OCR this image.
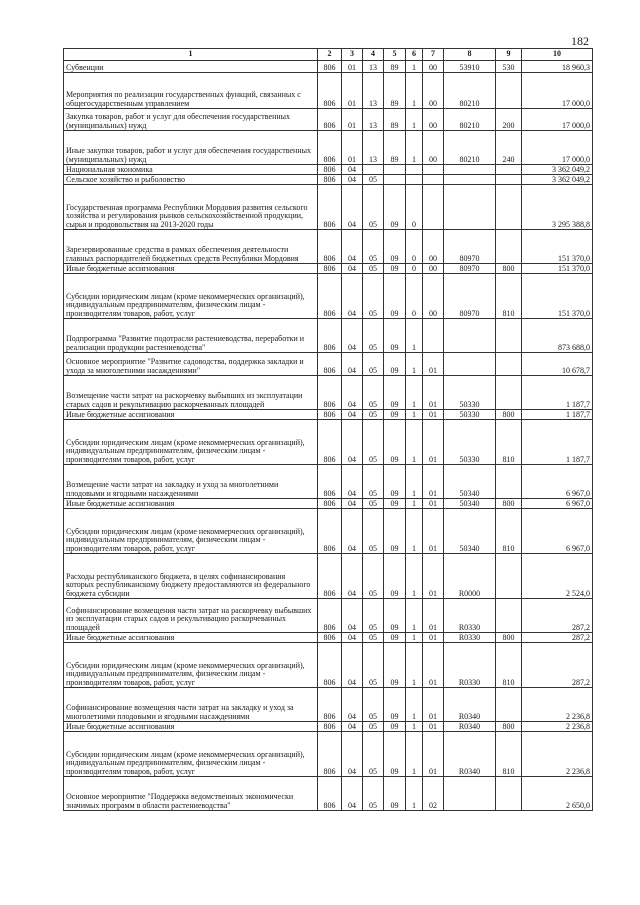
182
1	2	3	4	5	6	7	8	9	10
Субвенции	806	01	13	89	1	00	53910	530	18 960,3
Мероприятия по реализации государственных функций, связанных с общегосударственным управлением	806	01	13	89	1	00	80210		17 000,0
Закупка товаров, работ и услуг для обеспечения государственных (муниципальных) нужд	806	01	13	89	1	00	80210	200	17 000,0
Иные закупки товаров, работ и услуг для обеспечения государственных (муниципальных) нужд	806	01	13	89	1	00	80210	240	17 000,0
Национальная экономика	806	04							3 362 049,2
Сельское хозяйство и рыболовство	806	04	05						3 362 049,2
Государственная программа Республики Мордовия развития сельского хозяйства и регулирования рынков сельскохозяйственной продукции, сырья и продовольствия на 2013-2020 годы	806	04	05	09	0				3 295 388,8
Зарезервированные средства в рамках обеспечения деятельности главных распорядителей бюджетных средств Республики Мордовия	806	04	05	09	0	00	80970		151 370,0
Иные бюджетные ассигнования	806	04	05	09	0	00	80970	800	151 370,0
Субсидии юридическим лицам (кроме некоммерческих организаций), индивидуальным предпринимателям, физическим лицам - производителям товаров, работ, услуг	806	04	05	09	0	00	80970	810	151 370,0
Подпрограмма "Развитие подотрасли растениеводства, переработки и реализации продукции растениеводства"	806	04	05	09	1				873 688,0
Основное мероприятие "Развитие садоводства, поддержка закладки и ухода за многолетними насаждениями"	806	04	05	09	1	01			10 678,7
Возмещение части затрат на раскорчевку выбывших из эксплуатации старых садов и рекультивацию раскорчеванных площадей	806	04	05	09	1	01	50330		1 187,7
Иные бюджетные ассигнования	806	04	05	09	1	01	50330	800	1 187,7
Субсидии юридическим лицам (кроме некоммерческих организаций), индивидуальным предпринимателям, физическим лицам - производителям товаров, работ, услуг	806	04	05	09	1	01	50330	810	1 187,7
Возмещение части затрат на закладку и уход за многолетними плодовыми и ягодными насаждениями	806	04	05	09	1	01	50340		6 967,0
Иные бюджетные ассигнования	806	04	05	09	1	01	50340	800	6 967,0
Субсидии юридическим лицам (кроме некоммерческих организаций), индивидуальным предпринимателям, физическим лицам - производителям товаров, работ, услуг	806	04	05	09	1	01	50340	810	6 967,0
Расходы республиканского бюджета, в целях софинансирования которых республиканскому бюджету предоставляются из федерального бюджета субсидии	806	04	05	09	1	01	R0000		2 524,0
Софинансирование возмещения части затрат на раскорчевку выбывших из эксплуатации старых садов и рекультивацию раскорчеванных площадей	806	04	05	09	1	01	R0330		287,2
Иные бюджетные ассигнования	806	04	05	09	1	01	R0330	800	287,2
Субсидии юридическим лицам (кроме некоммерческих организаций), индивидуальным предпринимателям, физическим лицам - производителям товаров, работ, услуг	806	04	05	09	1	01	R0330	810	287,2
Софинансирование возмещения части затрат на закладку и уход за многолетними плодовыми и ягодными насаждениями	806	04	05	09	1	01	R0340		2 236,8
Иные бюджетные ассигнования	806	04	05	09	1	01	R0340	800	2 236,8
Субсидии юридическим лицам (кроме некоммерческих организаций), индивидуальным предпринимателям, физическим лицам - производителям товаров, работ, услуг	806	04	05	09	1	01	R0340	810	2 236,8
Основное мероприятие "Поддержка ведомственных экономически значимых программ в области растениеводства"	806	04	05	09	1	02			2 650,0
